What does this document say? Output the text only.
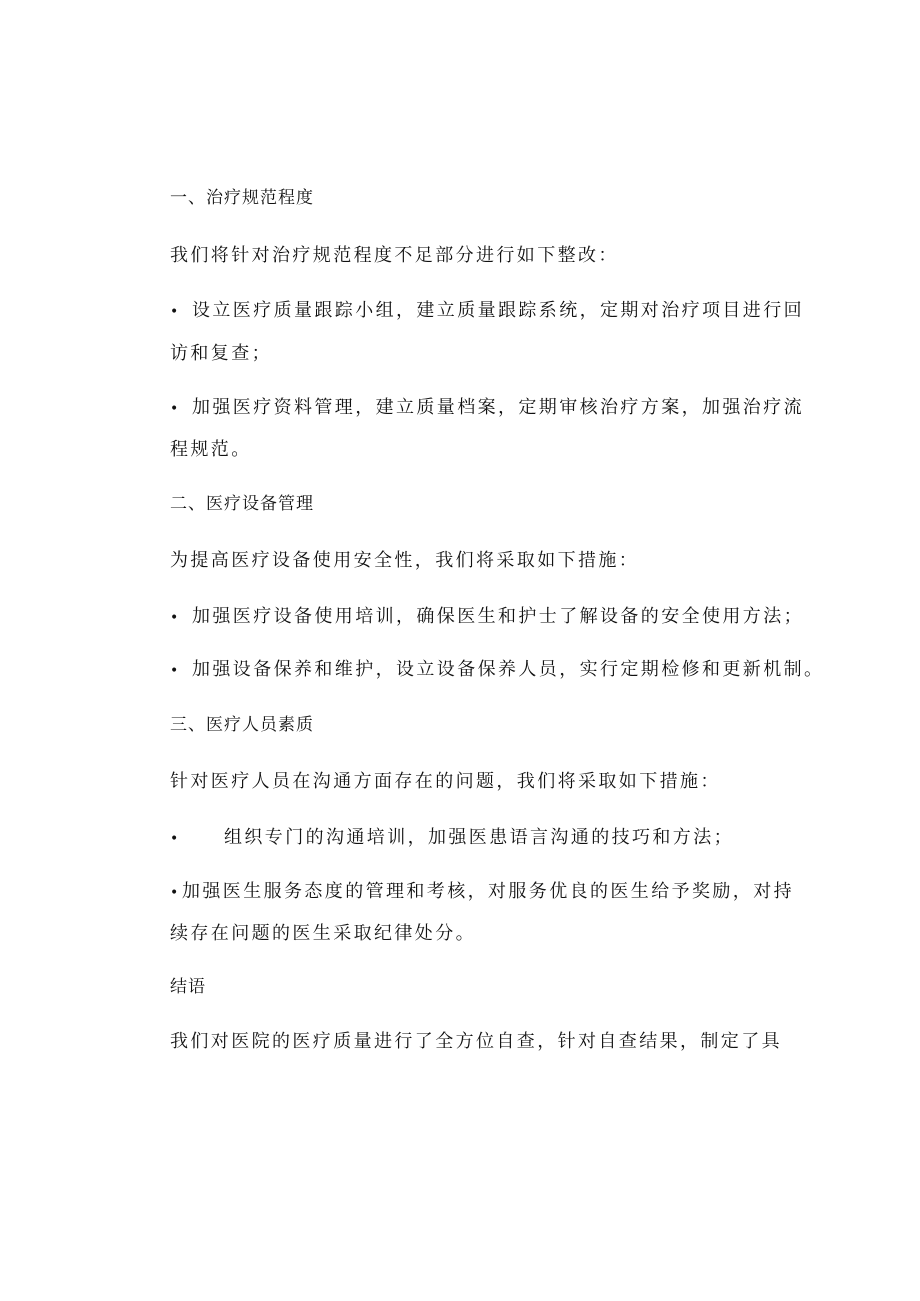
一、治疗规范程度
我们将针对治疗规范程度不足部分进行如下整改：
• 设立医疗质量跟踪小组，建立质量跟踪系统，定期对治疗项目进行回
访和复查；
• 加强医疗资料管理，建立质量档案，定期审核治疗方案，加强治疗流
程规范。
二、医疗设备管理
为提高医疗设备使用安全性，我们将采取如下措施：
• 加强医疗设备使用培训，确保医生和护士了解设备的安全使用方法；
• 加强设备保养和维护，设立设备保养人员，实行定期检修和更新机制。
三、医疗人员素质
针对医疗人员在沟通方面存在的问题，我们将采取如下措施：
• 组织专门的沟通培训，加强医患语言沟通的技巧和方法；
•加强医生服务态度的管理和考核，对服务优良的医生给予奖励，对持
续存在问题的医生采取纪律处分。
结语
我们对医院的医疗质量进行了全方位自查，针对自查结果，制定了具
